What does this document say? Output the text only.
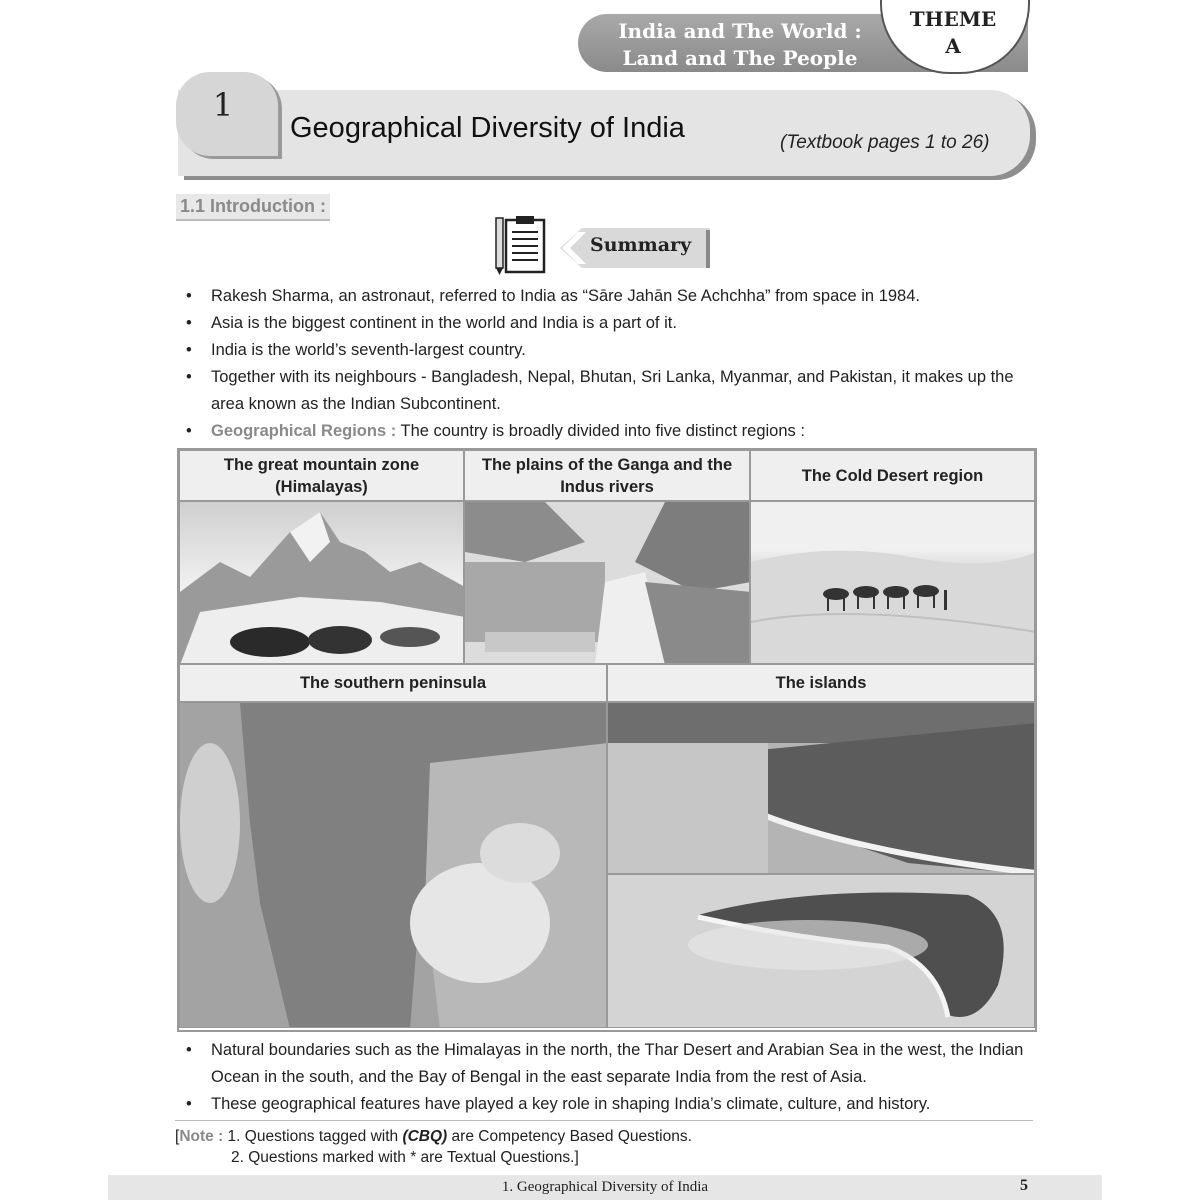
India and The World :
Land and The People
THEME
A
1
Geographical Diversity of India	(Textbook pages 1 to 26)
1.1 Introduction :
Summary
• Rakesh Sharma, an astronaut, referred to India as “Sāre Jahān Se Achchha” from space in 1984.
• Asia is the biggest continent in the world and India is a part of it.
• India is the world’s seventh-largest country.
• Together with its neighbours - Bangladesh, Nepal, Bhutan, Sri Lanka, Myanmar, and Pakistan, it makes up the area known as the Indian Subcontinent.
• Geographical Regions : The country is broadly divided into five distinct regions :
The great mountain zone (Himalayas)
The plains of the Ganga and the Indus rivers
The Cold Desert region
The southern peninsula	The islands
• Natural boundaries such as the Himalayas in the north, the Thar Desert and Arabian Sea in the west, the Indian Ocean in the south, and the Bay of Bengal in the east separate India from the rest of Asia.
• These geographical features have played a key role in shaping India’s climate, culture, and history.
[Note : 1. Questions tagged with (CBQ) are Competency Based Questions.
2. Questions marked with * are Textual Questions.]
1. Geographical Diversity of India	5
